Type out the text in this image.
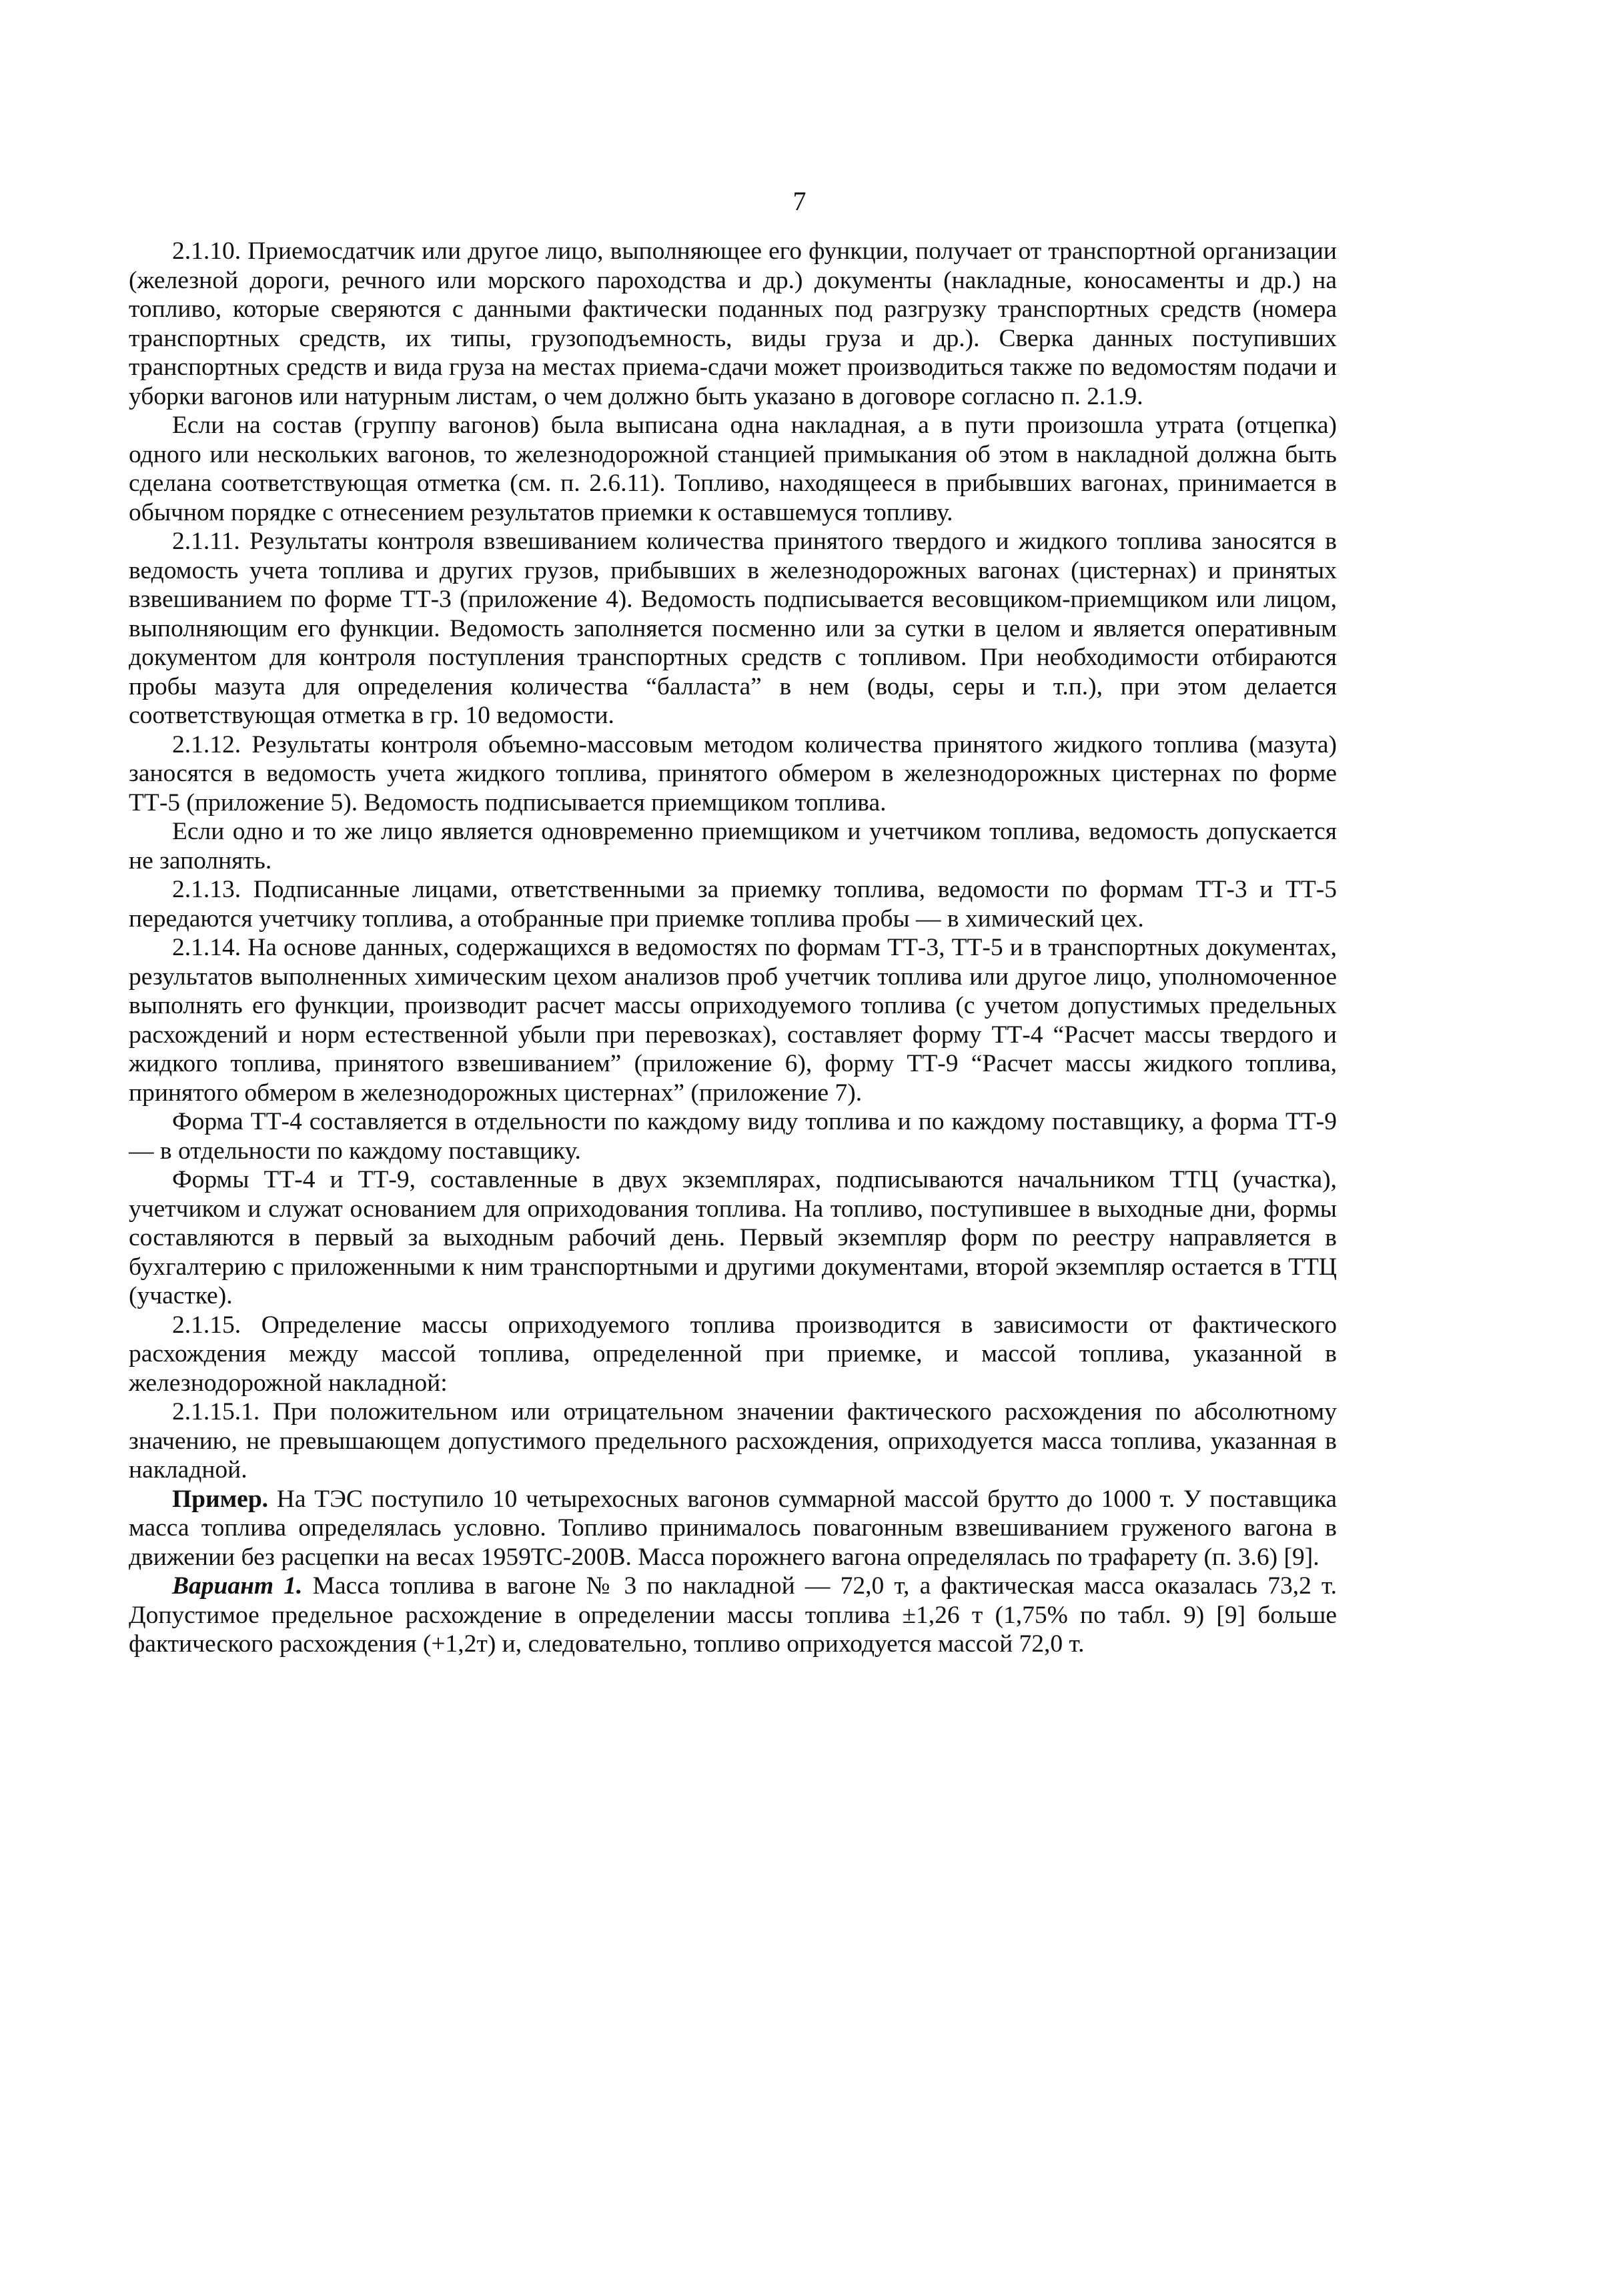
7

2.1.10. Приемосдатчик или другое лицо, выполняющее его функции, получает от транспортной организации (железной дороги, речного или морского пароходства и др.) документы (накладные, коносаменты и др.) на топливо, которые сверяются с данными фактически поданных под разгрузку транспортных средств (номера транспортных средств, их типы, грузоподъемность, виды груза и др.). Сверка данных поступивших транспортных средств и вида груза на местах приема-сдачи может производиться также по ведомостям подачи и уборки вагонов или натурным листам, о чем должно быть указано в договоре согласно п. 2.1.9.

Если на состав (группу вагонов) была выписана одна накладная, а в пути произошла утрата (отцепка) одного или нескольких вагонов, то железнодорожной станцией примыкания об этом в накладной должна быть сделана соответствующая отметка (см. п. 2.6.11). Топливо, находящееся в прибывших вагонах, принимается в обычном порядке с отнесением результатов приемки к оставшемуся топливу.

2.1.11. Результаты контроля взвешиванием количества принятого твердого и жидкого топлива заносятся в ведомость учета топлива и других грузов, прибывших в железнодорожных вагонах (цистернах) и принятых взвешиванием по форме ТТ-3 (приложение 4). Ведомость подписывается весовщиком-приемщиком или лицом, выполняющим его функции. Ведомость заполняется посменно или за сутки в целом и является оперативным документом для контроля поступления транспортных средств с топливом. При необходимости отбираются пробы мазута для определения количества “балласта” в нем (воды, серы и т.п.), при этом делается соответствующая отметка в гр. 10 ведомости.

2.1.12. Результаты контроля объемно-массовым методом количества принятого жидкого топлива (мазута) заносятся в ведомость учета жидкого топлива, принятого обмером в железнодорожных цистернах по форме ТТ-5 (приложение 5). Ведомость подписывается приемщиком топлива.

Если одно и то же лицо является одновременно приемщиком и учетчиком топлива, ведомость допускается не заполнять.

2.1.13. Подписанные лицами, ответственными за приемку топлива, ведомости по формам ТТ-3 и ТТ-5 передаются учетчику топлива, а отобранные при приемке топлива пробы — в химический цех.

2.1.14. На основе данных, содержащихся в ведомостях по формам ТТ-3, ТТ-5 и в транспортных документах, результатов выполненных химическим цехом анализов проб учетчик топлива или другое лицо, уполномоченное выполнять его функции, производит расчет массы оприходуемого топлива (с учетом допустимых предельных расхождений и норм естественной убыли при перевозках), составляет форму ТТ-4 “Расчет массы твердого и жидкого топлива, принятого взвешиванием” (приложение 6), форму ТТ-9 “Расчет массы жидкого топлива, принятого обмером в железнодорожных цистернах” (приложение 7).

Форма ТТ-4 составляется в отдельности по каждому виду топлива и по каждому поставщику, а форма ТТ-9 — в отдельности по каждому поставщику.

Формы ТТ-4 и ТТ-9, составленные в двух экземплярах, подписываются начальником ТТЦ (участка), учетчиком и служат основанием для оприходования топлива. На топливо, поступившее в выходные дни, формы составляются в первый за выходным рабочий день. Первый экземпляр форм по реестру направляется в бухгалтерию с приложенными к ним транспортными и другими документами, второй экземпляр остается в ТТЦ (участке).

2.1.15. Определение массы оприходуемого топлива производится в зависимости от фактического расхождения между массой топлива, определенной при приемке, и массой топлива, указанной в железнодорожной накладной:

2.1.15.1. При положительном или отрицательном значении фактического расхождения по абсолютному значению, не превышающем допустимого предельного расхождения, оприходуется масса топлива, указанная в накладной.

Пример. На ТЭС поступило 10 четырехосных вагонов суммарной массой брутто до 1000 т. У поставщика масса топлива определялась условно. Топливо принималось повагонным взвешиванием груженого вагона в движении без расцепки на весах 1959ТС-200В. Масса порожнего вагона определялась по трафарету (п. 3.6) [9].

Вариант 1. Масса топлива в вагоне № 3 по накладной — 72,0 т, а фактическая масса оказалась 73,2 т. Допустимое предельное расхождение в определении массы топлива ±1,26 т (1,75% по табл. 9) [9] больше фактического расхождения (+1,2т) и, следовательно, топливо оприходуется массой 72,0 т.
